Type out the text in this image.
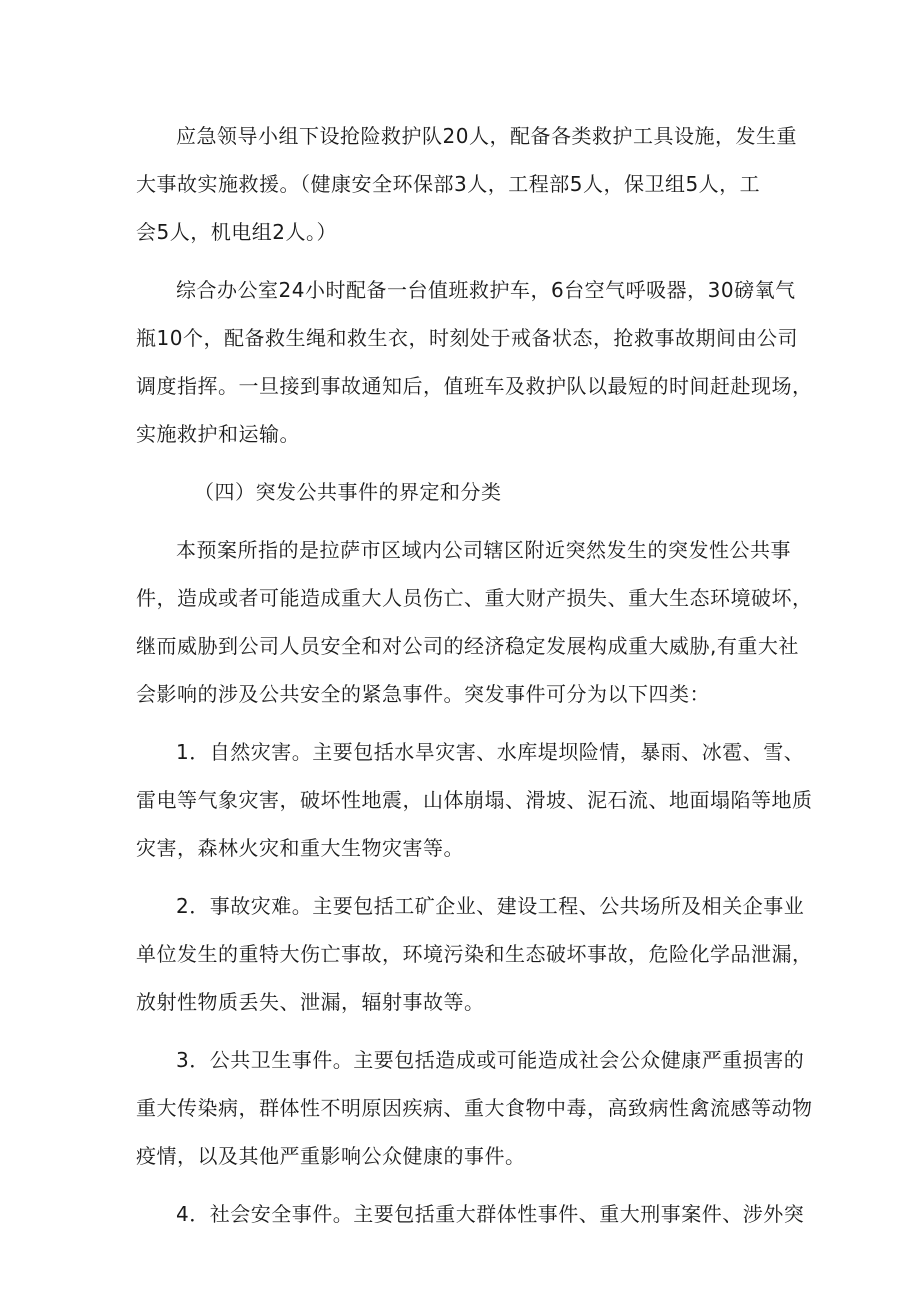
应急领导小组下设抢险救护队20人，配备各类救护工具设施，发生重
大事故实施救援。（健康安全环保部3人，工程部5人，保卫组5人，工
会5人，机电组2人。）

综合办公室24小时配备一台值班救护车，6台空气呼吸器，30磅氧气
瓶10个，配备救生绳和救生衣，时刻处于戒备状态，抢救事故期间由公司
调度指挥。一旦接到事故通知后，值班车及救护队以最短的时间赶赴现场，
实施救护和运输。

（四）突发公共事件的界定和分类

本预案所指的是拉萨市区域内公司辖区附近突然发生的突发性公共事
件，造成或者可能造成重大人员伤亡、重大财产损失、重大生态环境破坏，
继而威胁到公司人员安全和对公司的经济稳定发展构成重大威胁,有重大社
会影响的涉及公共安全的紧急事件。突发事件可分为以下四类：

1．自然灾害。主要包括水旱灾害、水库堤坝险情，暴雨、冰雹、雪、
雷电等气象灾害，破坏性地震，山体崩塌、滑坡、泥石流、地面塌陷等地质
灾害，森林火灾和重大生物灾害等。

2．事故灾难。主要包括工矿企业、建设工程、公共场所及相关企事业
单位发生的重特大伤亡事故，环境污染和生态破坏事故，危险化学品泄漏，
放射性物质丢失、泄漏，辐射事故等。

3．公共卫生事件。主要包括造成或可能造成社会公众健康严重损害的
重大传染病，群体性不明原因疾病、重大食物中毒，高致病性禽流感等动物
疫情，以及其他严重影响公众健康的事件。

4．社会安全事件。主要包括重大群体性事件、重大刑事案件、涉外突
